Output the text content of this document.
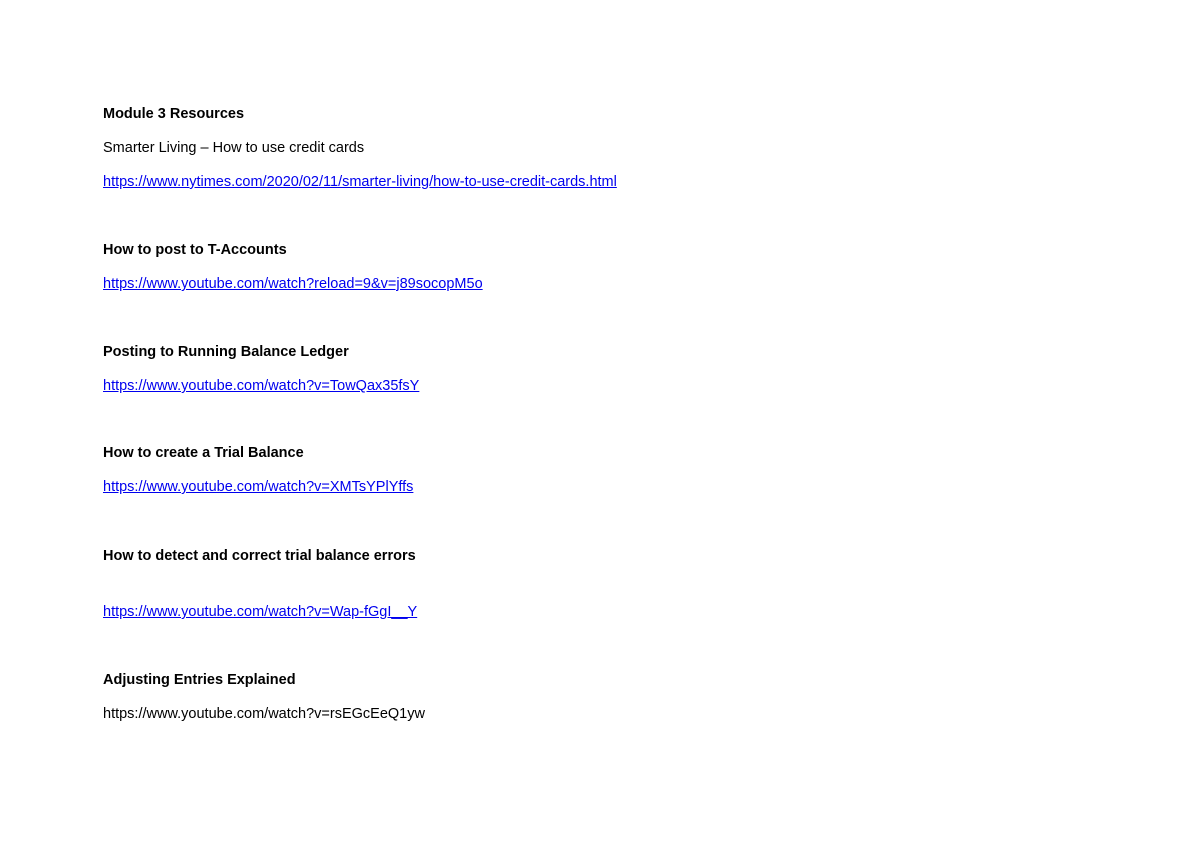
Module 3 Resources
Smarter Living – How to use credit cards
https://www.nytimes.com/2020/02/11/smarter-living/how-to-use-credit-cards.html
How to post to T-Accounts
https://www.youtube.com/watch?reload=9&v=j89socopM5o
Posting to Running Balance Ledger
https://www.youtube.com/watch?v=TowQax35fsY
How to create a Trial Balance
https://www.youtube.com/watch?v=XMTsYPlYffs
How to detect and correct trial balance errors
https://www.youtube.com/watch?v=Wap-fGgI__Y
Adjusting Entries Explained
https://www.youtube.com/watch?v=rsEGcEeQ1yw
